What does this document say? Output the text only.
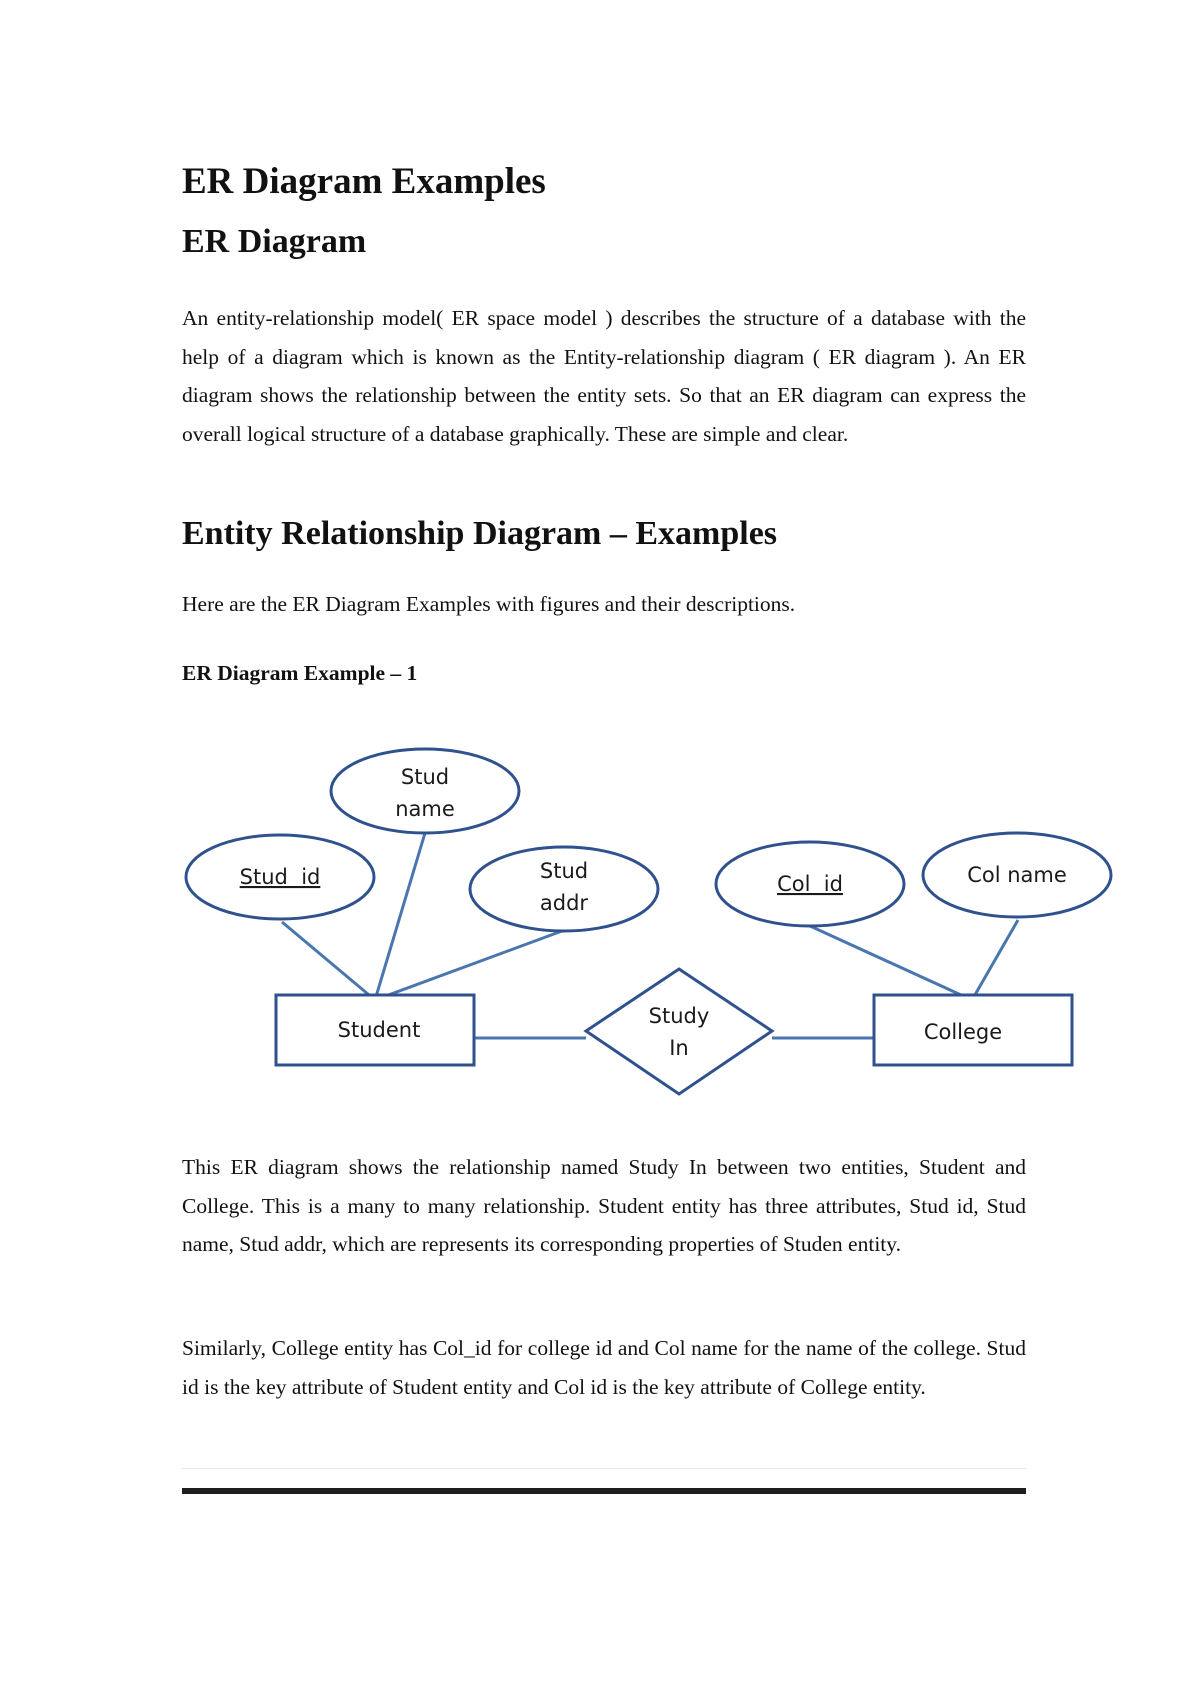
ER Diagram Examples
ER Diagram

An entity-relationship model( ER space model ) describes the structure of a database with the help of a diagram which is known as the Entity-relationship diagram ( ER diagram ). An ER diagram shows the relationship between the entity sets. So that an ER diagram can express the overall logical structure of a database graphically. These are simple and clear.

Entity Relationship Diagram – Examples

Here are the ER Diagram Examples with figures and their descriptions.

ER Diagram Example – 1
Stud
name
Stud  id	Stud
addr
Col  id	Col name
Student	College
Study
In

This ER diagram shows the relationship named Study In between two entities, Student and College. This is a many to many relationship. Student entity has three attributes, Stud id, Stud name, Stud addr, which are represents its corresponding properties of Studen entity.

Similarly, College entity has Col_id for college id and Col name for the name of the college. Stud id is the key attribute of Student entity and Col id is the key attribute of College entity.
